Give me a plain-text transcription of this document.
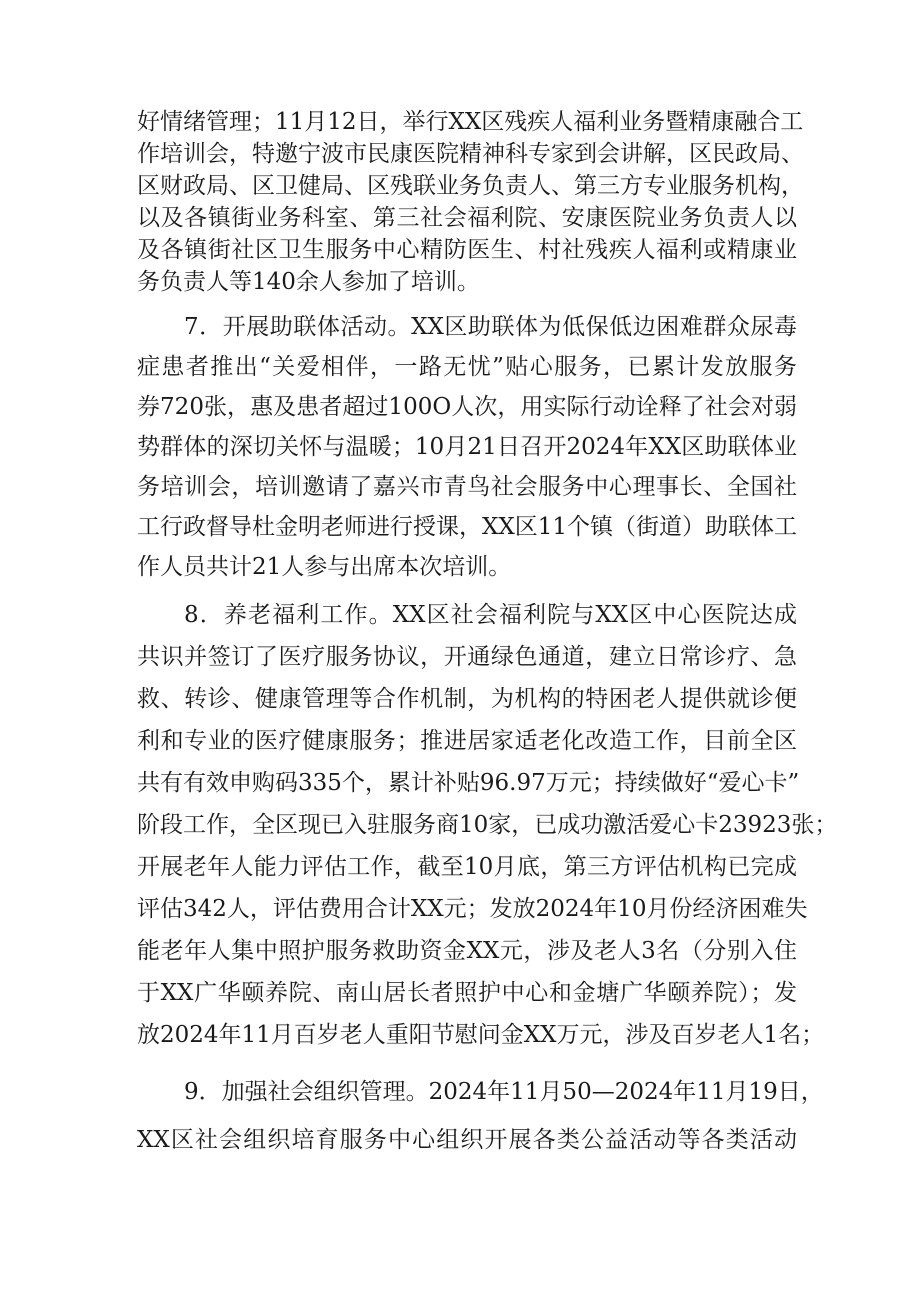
好情绪管理；11月12日，举行XX区残疾人福利业务暨精康融合工
作培训会，特邀宁波市民康医院精神科专家到会讲解，区民政局、
区财政局、区卫健局、区残联业务负责人、第三方专业服务机构，
以及各镇街业务科室、第三社会福利院、安康医院业务负责人以
及各镇街社区卫生服务中心精防医生、村社残疾人福利或精康业
务负责人等140余人参加了培训。
7．开展助联体活动。XX区助联体为低保低边困难群众尿毒
症患者推出“关爱相伴，一路无忧”贴心服务，已累计发放服务
券720张，惠及患者超过100O人次，用实际行动诠释了社会对弱
势群体的深切关怀与温暖；10月21日召开2024年XX区助联体业
务培训会，培训邀请了嘉兴市青鸟社会服务中心理事长、全国社
工行政督导杜金明老师进行授课，XX区11个镇（街道）助联体工
作人员共计21人参与出席本次培训。
8．养老福利工作。XX区社会福利院与XX区中心医院达成
共识并签订了医疗服务协议，开通绿色通道，建立日常诊疗、急
救、转诊、健康管理等合作机制，为机构的特困老人提供就诊便
利和专业的医疗健康服务；推进居家适老化改造工作，目前全区
共有有效申购码335个，累计补贴96.97万元；持续做好“爱心卡”
阶段工作，全区现已入驻服务商10家，已成功激活爱心卡23923张；
开展老年人能力评估工作，截至10月底，第三方评估机构已完成
评估342人，评估费用合计XX元；发放2024年10月份经济困难失
能老年人集中照护服务救助资金XX元，涉及老人3名（分别入住
于XX广华颐养院、南山居长者照护中心和金塘广华颐养院）；发
放2024年11月百岁老人重阳节慰问金XX万元，涉及百岁老人1名；
9．加强社会组织管理。2024年11月50—2024年11月19日，
XX区社会组织培育服务中心组织开展各类公益活动等各类活动
